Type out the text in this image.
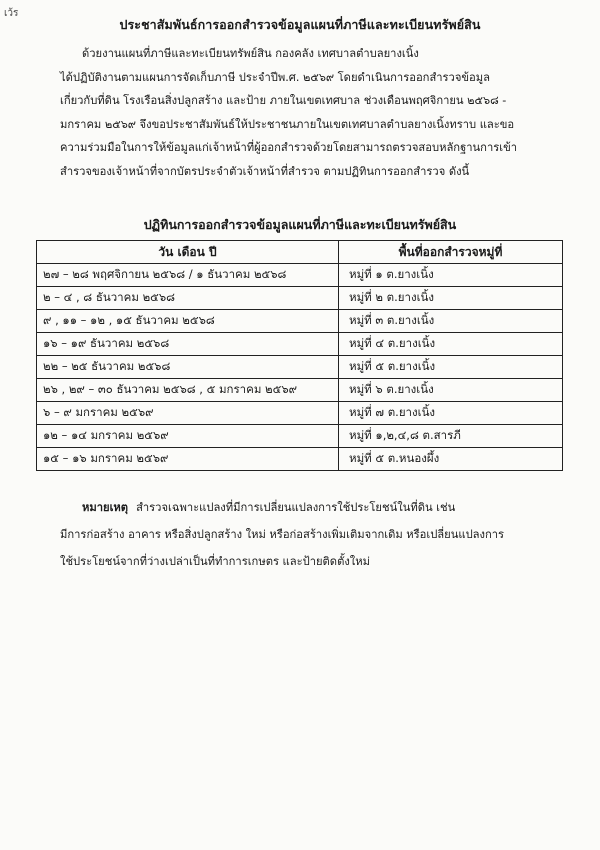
เว้ร
ประชาสัมพันธ์การออกสำรวจข้อมูลแผนที่ภาษีและทะเบียนทรัพย์สิน
ด้วยงานแผนที่ภาษีและทะเบียนทรัพย์สิน กองคลัง เทศบาลตำบลยางเนิ้ง
ได้ปฏิบัติงานตามแผนการจัดเก็บภาษี ประจำปีพ.ศ. ๒๕๖๙ โดยดำเนินการออกสำรวจข้อมูล
เกี่ยวกับที่ดิน โรงเรือนสิ่งปลูกสร้าง และป้าย ภายในเขตเทศบาล ช่วงเดือนพฤศจิกายน ๒๕๖๘ -
มกราคม ๒๕๖๙ จึงขอประชาสัมพันธ์ให้ประชาชนภายในเขตเทศบาลตำบลยางเนิ้งทราบ และขอ
ความร่วมมือในการให้ข้อมูลแก่เจ้าหน้าที่ผู้ออกสำรวจด้วยโดยสามารถตรวจสอบหลักฐานการเข้า
สำรวจของเจ้าหน้าที่จากบัตรประจำตัวเจ้าหน้าที่สำรวจ ตามปฏิทินการออกสำรวจ ดังนี้
ปฏิทินการออกสำรวจข้อมูลแผนที่ภาษีและทะเบียนทรัพย์สิน
วัน เดือน ปี	พื้นที่ออกสำรวจหมู่ที่
๒๗ – ๒๘ พฤศจิกายน ๒๕๖๘ / ๑ ธันวาคม ๒๕๖๘	หมู่ที่ ๑ ต.ยางเนิ้ง
๒ – ๔ , ๘ ธันวาคม ๒๕๖๘	หมู่ที่ ๒ ต.ยางเนิ้ง
๙ , ๑๑ – ๑๒ , ๑๕ ธันวาคม ๒๕๖๘	หมู่ที่ ๓ ต.ยางเนิ้ง
๑๖ – ๑๙ ธันวาคม ๒๕๖๘	หมู่ที่ ๔ ต.ยางเนิ้ง
๒๒ – ๒๕ ธันวาคม ๒๕๖๘	หมู่ที่ ๕ ต.ยางเนิ้ง
๒๖ , ๒๙ – ๓๐ ธันวาคม ๒๕๖๘ , ๕ มกราคม ๒๕๖๙	หมู่ที่ ๖ ต.ยางเนิ้ง
๖ – ๙ มกราคม ๒๕๖๙	หมู่ที่ ๗ ต.ยางเนิ้ง
๑๒ – ๑๔ มกราคม ๒๕๖๙	หมู่ที่ ๑,๒,๔,๘ ต.สารภี
๑๕ – ๑๖ มกราคม ๒๕๖๙	หมู่ที่ ๕ ต.หนองผึ้ง
หมายเหตุ สำรวจเฉพาะแปลงที่มีการเปลี่ยนแปลงการใช้ประโยชน์ในที่ดิน เช่น
มีการก่อสร้าง อาคาร หรือสิ่งปลูกสร้าง ใหม่ หรือก่อสร้างเพิ่มเติมจากเดิม หรือเปลี่ยนแปลงการ
ใช้ประโยชน์จากที่ว่างเปล่าเป็นที่ทำการเกษตร และป้ายติดตั้งใหม่
